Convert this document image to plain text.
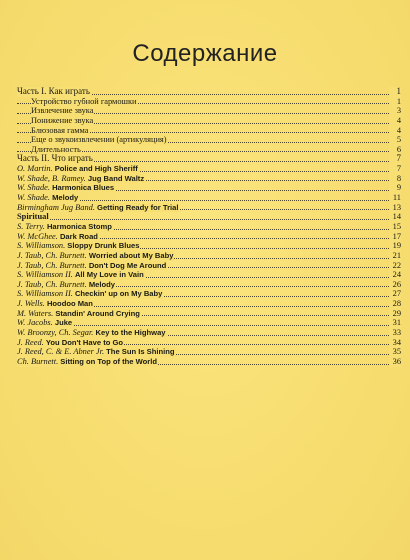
Содержание
Часть I. Как играть	1
Устройство губной гармошки	1
Извлечение звука	3
Понижение звука	4
Блюзовая гамма	4
Еще о звукоизвлечении (артикуляция)	5
Длительность	6
Часть II. Что играть	7
O. Martin. Police and High Sheriff	7
W. Shade, B. Ramey. Jug Band Waltz	8
W. Shade. Harmonica Blues	9
W. Shade. Melody	11
Birmingham Jug Band. Getting Ready for Trial	13
Spiritual	14
S. Terry. Harmonica Stomp	15
W. McGhee. Dark Road	17
S. Williamson. Sloppy Drunk Blues	19
J. Taub, Ch. Burnett. Worried about My Baby	21
J. Taub, Ch. Burnett. Don't Dog Me Around	22
S. Williamson II. All My Love in Vain	24
J. Taub, Ch. Burnett. Melody	26
S. Williamson II. Checkin' up on My Baby	27
J. Wells. Hoodoo Man	28
M. Waters. Standin' Around Crying	29
W. Jacobs. Juke	31
W. Broonzy, Ch. Segar. Key to the Highway	33
J. Reed. You Don't Have to Go	34
J. Reed, C. & E. Abner Jr. The Sun Is Shining	35
Ch. Burnett. Sitting on Top of the World	36
